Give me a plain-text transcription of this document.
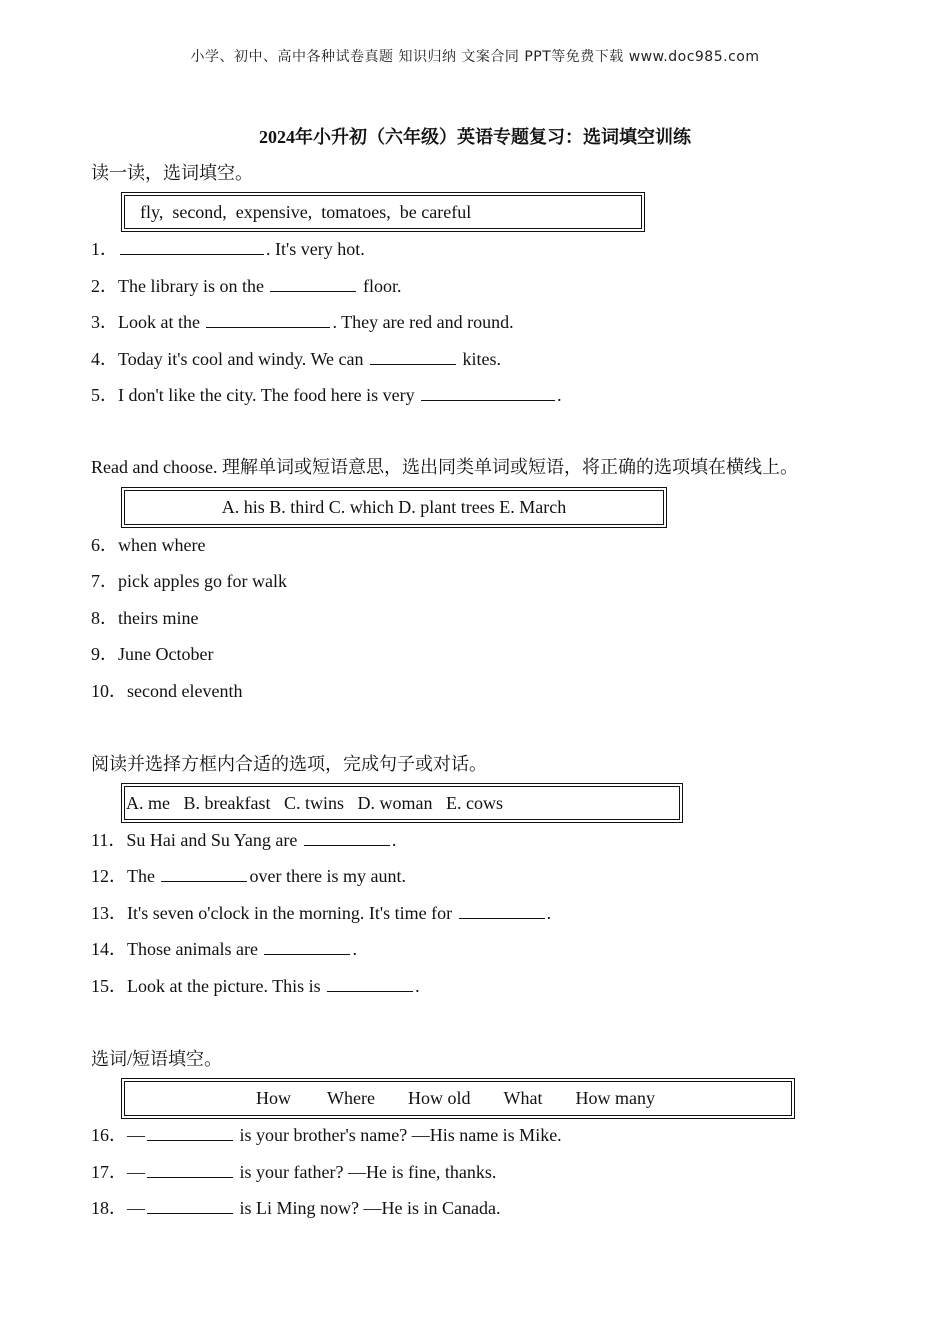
小学、初中、高中各种试卷真题 知识归纳 文案合同 PPT等免费下载 www.doc985.com
2024年小升初（六年级）英语专题复习：选词填空训练
读一读，选词填空。
fly,  second,  expensive,  tomatoes,  be careful
1．	. It's very hot.
2．The library is on the	floor.
3．Look at the	. They are red and round.
4．Today it's cool and windy. We can	kites.
5．I don't like the city. The food here is very	.
Read and choose. 理解单词或短语意思，选出同类单词或短语，将正确的选项填在横线上。
A. his B. third C. which D. plant trees E. March
6．when where
7．pick apples go for walk
8．theirs mine
9．June October
10．second eleventh
阅读并选择方框内合适的选项，完成句子或对话。
A. me   B. breakfast   C. twins   D. woman   E. cows
11．Su Hai and Su Yang are	.
12．The	over there is my aunt.
13．It's seven o'clock in the morning. It's time for	.
14．Those animals are	.
15．Look at the picture. This is	.
选词/短语填空。
How Where How old What How many
16．—	is your brother's name? —His name is Mike.
17．—	is your father? —He is fine, thanks.
18．—	is Li Ming now? —He is in Canada.
